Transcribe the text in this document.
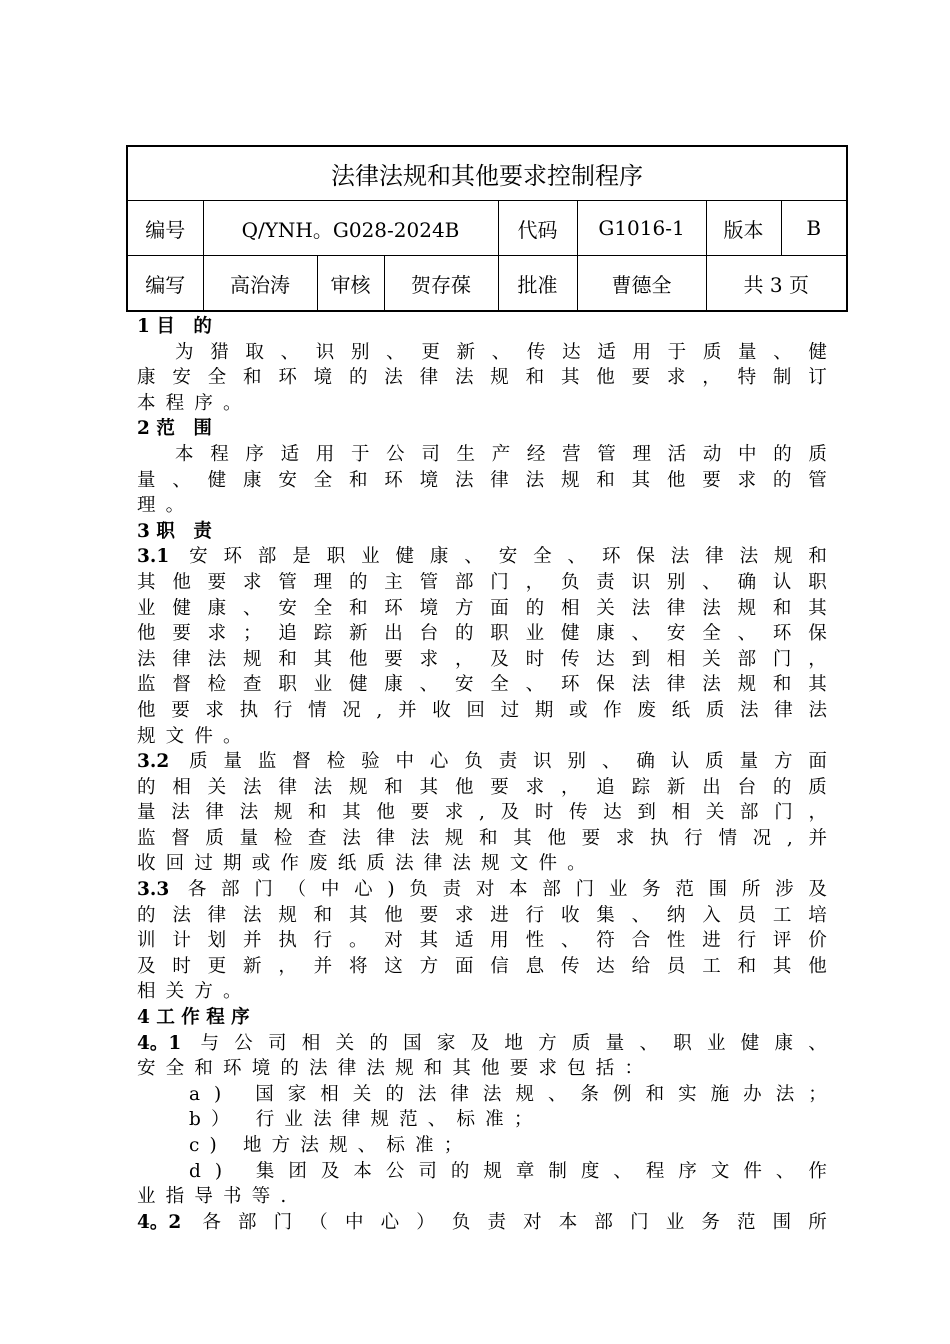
法律法规和其他要求控制程序							
编号	Q/YNH。G028-2024B			代码	G1016-1	版本	B
编写	高治涛	审核	贺存葆	批准	曹德全	共 3 页	
1 目　的
为 猎 取 、 识 别 、 更 新 、 传 达 适 用 于 质 量 、 健
康 安 全 和 环 境 的 法 律 法 规 和 其 他 要 求 ， 特 制 订
本程序。
2 范　围
本 程 序 适 用 于 公 司 生 产 经 营 管 理 活 动 中 的 质
量 、 健 康 安 全 和 环 境 法 律 法 规 和 其 他 要 求 的 管
理。
3 职　责
3.1 安 环 部 是 职 业 健 康 、 安 全 、 环 保 法 律 法 规 和
其 他 要 求 管 理 的 主 管 部 门 ， 负 责 识 别 、 确 认 职
业 健 康 、 安 全 和 环 境 方 面 的 相 关 法 律 法 规 和 其
他 要 求 ； 追 踪 新 出 台 的 职 业 健 康 、 安 全 、 环 保
法 律 法 规 和 其 他 要 求 ， 及 时 传 达 到 相 关 部 门 ，
监 督 检 查 职 业 健 康 、 安 全 、 环 保 法 律 法 规 和 其
他 要 求 执 行 情 况 , 并 收 回 过 期 或 作 废 纸 质 法 律 法
规文件。
3.2 质 量 监 督 检 验 中 心 负 责 识 别 、 确 认 质 量 方 面
的 相 关 法 律 法 规 和 其 他 要 求 ， 追 踪 新 出 台 的 质
量 法 律 法 规 和 其 他 要 求 , 及 时 传 达 到 相 关 部 门 ，
监 督 质 量 检 查 法 律 法 规 和 其 他 要 求 执 行 情 况 , 并
收回过期或作废纸质法律法规文件。
3.3 各 部 门 （ 中 心 ) 负 责 对 本 部 门 业 务 范 围 所 涉 及
的 法 律 法 规 和 其 他 要 求 进 行 收 集 、 纳 入 员 工 培
训 计 划 并 执 行 。 对 其 适 用 性 、 符 合 性 进 行 评 价
及 时 更 新 ， 并 将 这 方 面 信 息 传 达 给 员 工 和 其 他
相关方。
4 工 作 程 序
4。1 与 公 司 相 关 的 国 家 及 地 方 质 量 、 职 业 健 康 、
安全和环境的法律法规和其他要求包括：
a )
国 家 相 关 的 法 律 法 规 、 条 例 和 实 施 办 法 ；
b） 行业法律规范、标准；
c) 地方法规、标准；
d )
集 团 及 本 公 司 的 规 章 制 度 、 程 序 文 件 、 作
业指导书等.
4。2 各 部 门 （ 中 心 ） 负 责 对 本 部 门 业 务 范 围 所
